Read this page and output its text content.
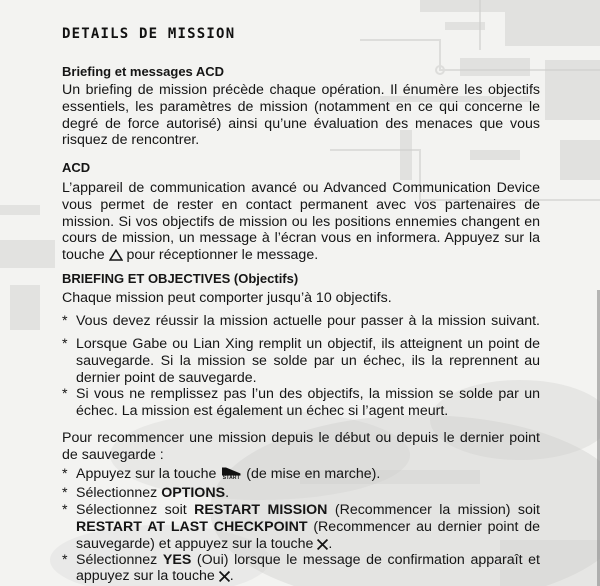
DETAILS DE MISSION
Briefing et messages ACD
Un briefing de mission précède chaque opération. Il énumère les objectifs
essentiels, les paramètres de mission (notamment en ce qui concerne le
degré de force autorisé) ainsi qu’une évaluation des menaces que vous
risquez de rencontrer.
ACD
L’appareil de communication avancé ou Advanced Communication Device
vous permet de rester en contact permanent avec vos partenaires de
mission. Si vos objectifs de mission ou les positions ennemies changent en
cours de mission, un message à l’écran vous en informera. Appuyez sur la
touche pour réceptionner le message.
BRIEFING ET OBJECTIVES (Objectifs)
Chaque mission peut comporter jusqu’à 10 objectifs.
* Vous devez réussir la mission actuelle pour passer à la mission suivant.
* Lorsque Gabe ou Lian Xing remplit un objectif, ils atteignent un point de
sauvegarde. Si la mission se solde par un échec, ils la reprennent au
dernier point de sauvegarde.
* Si vous ne remplissez pas l’un des objectifs, la mission se solde par un
échec. La mission est également un échec si l’agent meurt.
Pour recommencer une mission depuis le début ou depuis le dernier point
de sauvegarde :
* Appuyez sur la touche	START (de mise en marche).
* Sélectionnez OPTIONS.
* Sélectionnez soit RESTART MISSION (Recommencer la mission) soit
RESTART AT LAST CHECKPOINT (Recommencer au dernier point de
sauvegarde) et appuyez sur la touche .
* Sélectionnez YES (Oui) lorsque le message de confirmation apparaît et
appuyez sur la touche .
